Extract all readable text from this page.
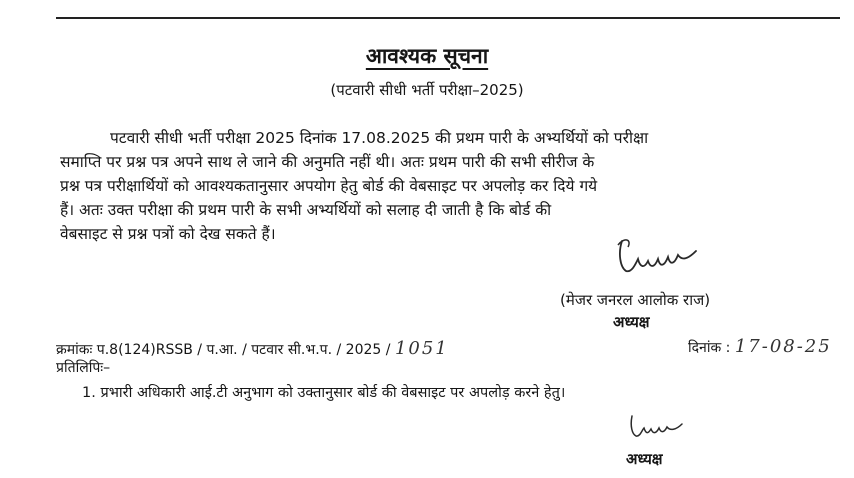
आवश्यक सूचना
(पटवारी सीधी भर्ती परीक्षा–2025)
पटवारी सीधी भर्ती परीक्षा 2025 दिनांक 17.08.2025 की प्रथम पारी के अभ्यर्थियों को परीक्षा
समाप्ति पर प्रश्न पत्र अपने साथ ले जाने की अनुमति नहीं थी। अतः प्रथम पारी की सभी सीरीज के
प्रश्न पत्र परीक्षार्थियों को आवश्यकतानुसार अपयोग हेतु बोर्ड की वेबसाइट पर अपलोड़ कर दिये गये
हैं। अतः उक्त परीक्षा की प्रथम पारी के सभी अभ्यर्थियों को सलाह दी जाती है कि बोर्ड की
वेबसाइट से प्रश्न पत्रों को देख सकते हैं।
(मेजर जनरल आलोक राज)
अध्यक्ष
क्रमांकः प.8(124)RSSB / प.आ. / पटवार सी.भ.प. / 2025 / 1051	दिनांक : 17-08-25
प्रतिलिपिः–
1. प्रभारी अधिकारी आई.टी अनुभाग को उक्तानुसार बोर्ड की वेबसाइट पर अपलोड़ करने हेतु।
अध्यक्ष
